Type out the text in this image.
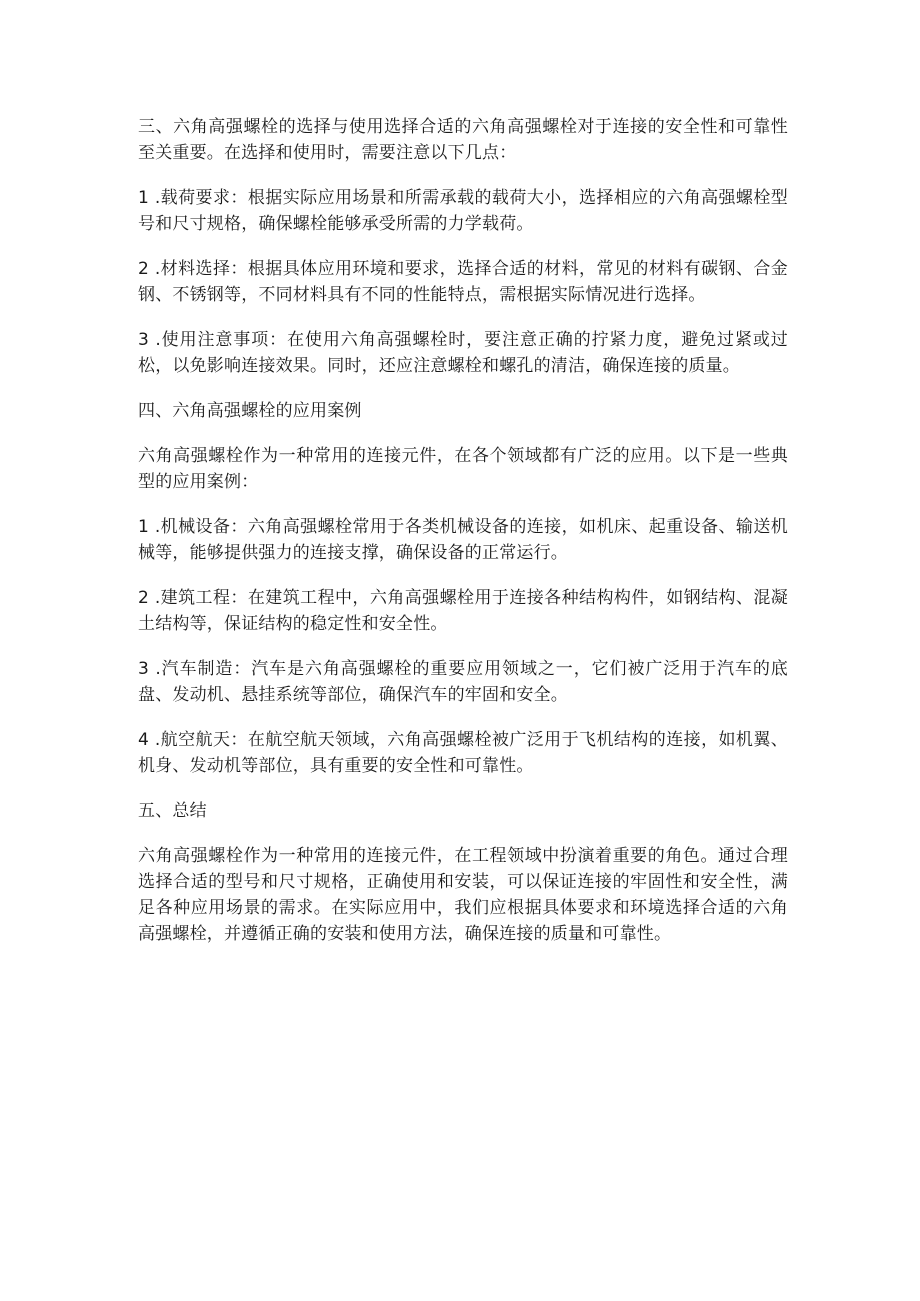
三、六角高强螺栓的选择与使用选择合适的六角高强螺栓对于连接的安全性和可靠性至关重要。在选择和使用时，需要注意以下几点：

1 .载荷要求：根据实际应用场景和所需承载的载荷大小，选择相应的六角高强螺栓型号和尺寸规格，确保螺栓能够承受所需的力学载荷。

2 .材料选择：根据具体应用环境和要求，选择合适的材料，常见的材料有碳钢、合金钢、不锈钢等，不同材料具有不同的性能特点，需根据实际情况进行选择。

3 .使用注意事项：在使用六角高强螺栓时，要注意正确的拧紧力度，避免过紧或过松，以免影响连接效果。同时，还应注意螺栓和螺孔的清洁，确保连接的质量。

四、六角高强螺栓的应用案例

六角高强螺栓作为一种常用的连接元件，在各个领域都有广泛的应用。以下是一些典型的应用案例：

1 .机械设备：六角高强螺栓常用于各类机械设备的连接，如机床、起重设备、输送机械等，能够提供强力的连接支撑，确保设备的正常运行。

2 .建筑工程：在建筑工程中，六角高强螺栓用于连接各种结构构件，如钢结构、混凝土结构等，保证结构的稳定性和安全性。

3 .汽车制造：汽车是六角高强螺栓的重要应用领域之一，它们被广泛用于汽车的底盘、发动机、悬挂系统等部位，确保汽车的牢固和安全。

4 .航空航天：在航空航天领域，六角高强螺栓被广泛用于飞机结构的连接，如机翼、机身、发动机等部位，具有重要的安全性和可靠性。

五、总结

六角高强螺栓作为一种常用的连接元件，在工程领域中扮演着重要的角色。通过合理选择合适的型号和尺寸规格，正确使用和安装，可以保证连接的牢固性和安全性，满足各种应用场景的需求。在实际应用中，我们应根据具体要求和环境选择合适的六角高强螺栓，并遵循正确的安装和使用方法，确保连接的质量和可靠性。
